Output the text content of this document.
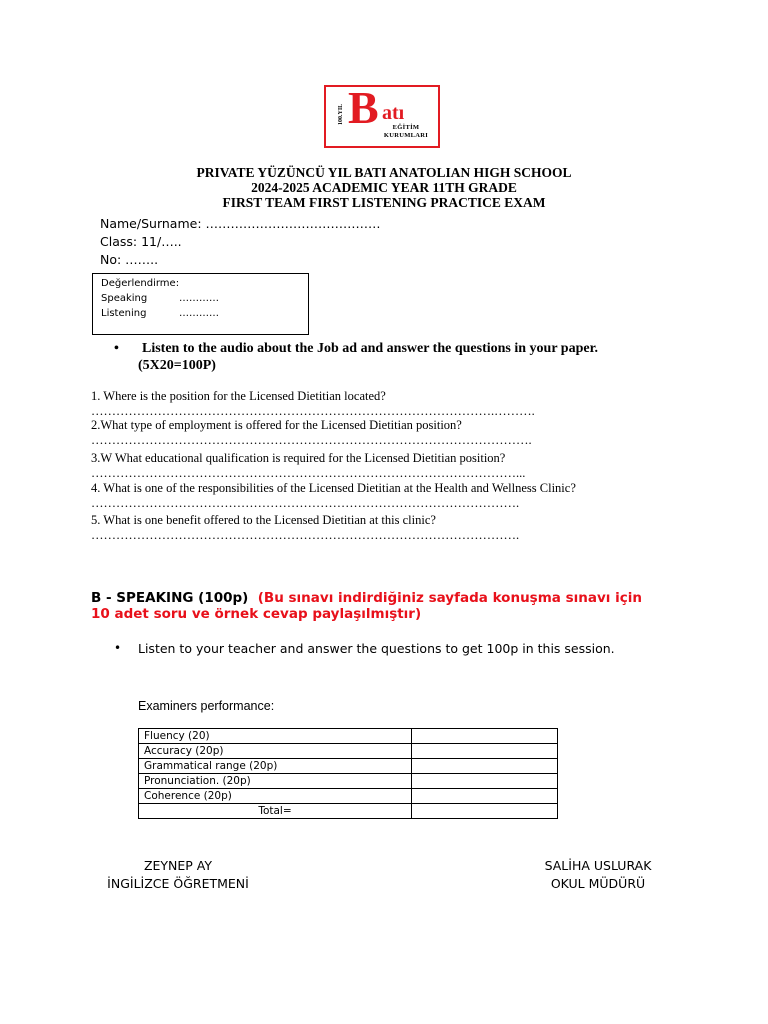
100.YIL B atı
EĞİTİM
KURUMLARI
PRIVATE YÜZÜNCÜ YIL BATI ANATOLIAN HIGH SCHOOL
2024-2025 ACADEMIC YEAR 11TH GRADE
FIRST TEAM FIRST LISTENING PRACTICE EXAM
Name/Surname: ……………………………………
Class: 11/…..
No: ……..
Değerlendirme:
Speaking	…………
Listening	…………
• Listen to the audio about the Job ad and answer the questions in your paper.
(5X20=100P)
1. Where is the position for the Licensed Dietitian located?
…………………………………………………………………………………….……….
2.What type of employment is offered for the Licensed Dietitian position?
…………………………………………………………………………………………….
3.W What educational qualification is required for the Licensed Dietitian position?
…………………………………………………………………………………………...
4. What is one of the responsibilities of the Licensed Dietitian at the Health and Wellness Clinic?
………………………………………………………………………………………….
5. What is one benefit offered to the Licensed Dietitian at this clinic?
………………………………………………………………………………………….
B - SPEAKING (100p) (Bu sınavı indirdiğiniz sayfada konuşma sınavı için
10 adet soru ve örnek cevap paylaşılmıştır)
• Listen to your teacher and answer the questions to get 100p in this session.
Examiners performance:
Fluency (20)	
Accuracy (20p)	
Grammatical range (20p)	
Pronunciation. (20p)	
Coherence (20p)	
Total=	
ZEYNEP AY
İNGİLİZCE ÖĞRETMENİ
SALİHA USLURAK
OKUL MÜDÜRÜ
